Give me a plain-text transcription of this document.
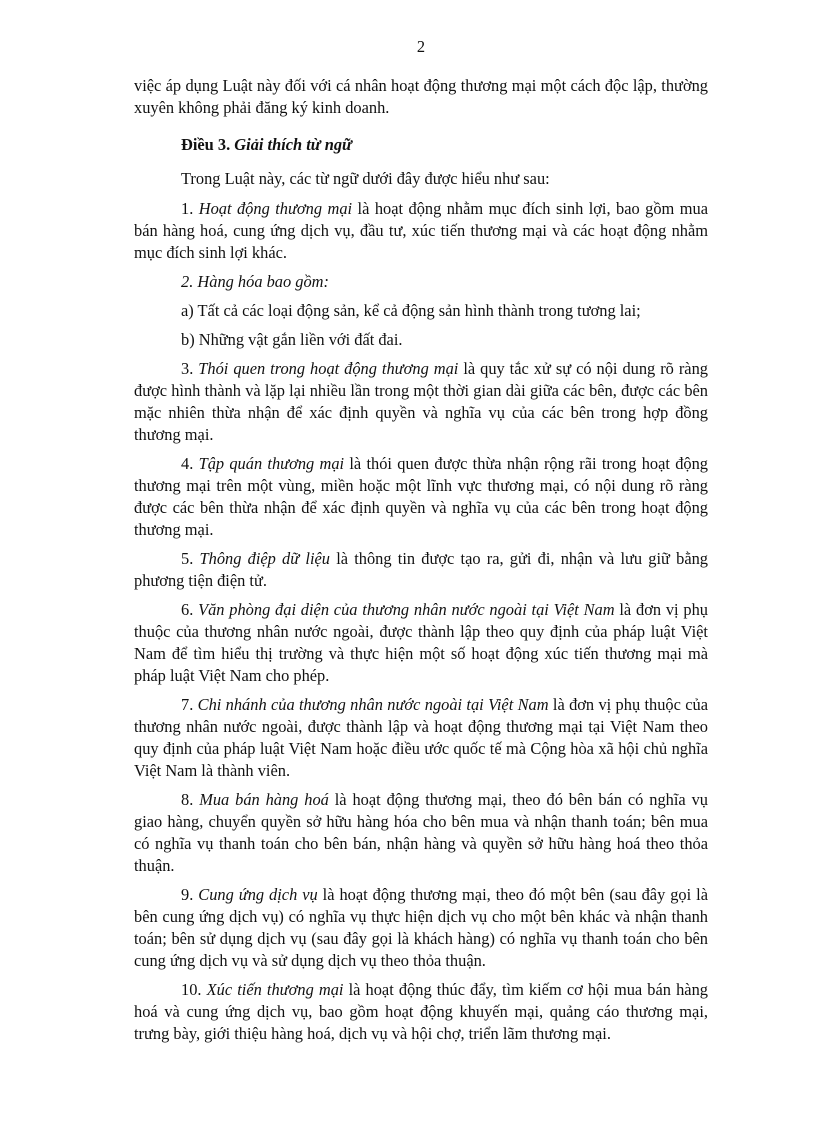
2

việc áp dụng Luật này đối với cá nhân hoạt động thương mại một cách độc lập, thường xuyên không phải đăng ký kinh doanh.

Điều 3. Giải thích từ ngữ

Trong Luật này, các từ ngữ dưới đây được hiểu như sau:

1. Hoạt động thương mại là hoạt động nhằm mục đích sinh lợi, bao gồm mua bán hàng hoá, cung ứng dịch vụ, đầu tư, xúc tiến thương mại và các hoạt động nhằm mục đích sinh lợi khác.

2. Hàng hóa bao gồm:

a) Tất cả các loại động sản, kể cả động sản hình thành trong tương lai;

b) Những vật gắn liền với đất đai.

3. Thói quen trong hoạt động thương mại là quy tắc xử sự có nội dung rõ ràng được hình thành và lặp lại nhiều lần trong một thời gian dài giữa các bên, được các bên mặc nhiên thừa nhận để xác định quyền và nghĩa vụ của các bên trong hợp đồng thương mại.

4. Tập quán thương mại là thói quen được thừa nhận rộng rãi trong hoạt động thương mại trên một vùng, miền hoặc một lĩnh vực thương mại, có nội dung rõ ràng được các bên thừa nhận để xác định quyền và nghĩa vụ của các bên trong hoạt động thương mại.

5. Thông điệp dữ liệu là thông tin được tạo ra, gửi đi, nhận và lưu giữ bằng phương tiện điện tử.

6. Văn phòng đại diện của thương nhân nước ngoài tại Việt Nam là đơn vị phụ thuộc của thương nhân nước ngoài, được thành lập theo quy định của pháp luật Việt Nam để tìm hiểu thị trường và thực hiện một số hoạt động xúc tiến thương mại mà pháp luật Việt Nam cho phép.

7. Chi nhánh của thương nhân nước ngoài tại Việt Nam là đơn vị phụ thuộc của thương nhân nước ngoài, được thành lập và hoạt động thương mại tại Việt Nam theo quy định của pháp luật Việt Nam hoặc điều ước quốc tế mà Cộng hòa xã hội chủ nghĩa Việt Nam là thành viên.

8. Mua bán hàng hoá là hoạt động thương mại, theo đó bên bán có nghĩa vụ giao hàng, chuyển quyền sở hữu hàng hóa cho bên mua và nhận thanh toán; bên mua có nghĩa vụ thanh toán cho bên bán, nhận hàng và quyền sở hữu hàng hoá theo thỏa thuận.

9. Cung ứng dịch vụ là hoạt động thương mại, theo đó một bên (sau đây gọi là bên cung ứng dịch vụ) có nghĩa vụ thực hiện dịch vụ cho một bên khác và nhận thanh toán; bên sử dụng dịch vụ (sau đây gọi là khách hàng) có nghĩa vụ thanh toán cho bên cung ứng dịch vụ và sử dụng dịch vụ theo thỏa thuận.

10. Xúc tiến thương mại là hoạt động thúc đẩy, tìm kiếm cơ hội mua bán hàng hoá và cung ứng dịch vụ, bao gồm hoạt động khuyến mại, quảng cáo thương mại, trưng bày, giới thiệu hàng hoá, dịch vụ và hội chợ, triển lãm thương mại.
